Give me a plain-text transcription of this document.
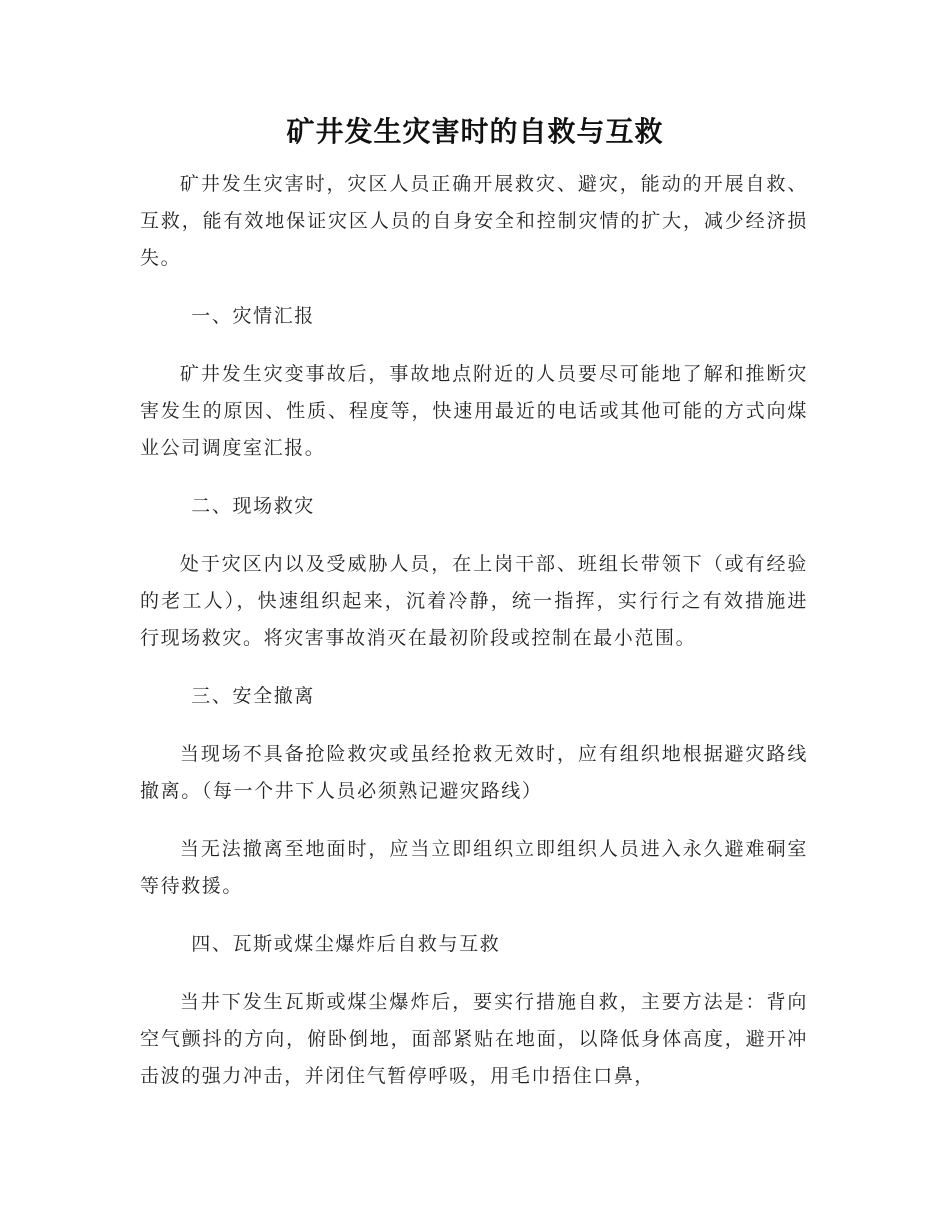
矿井发生灾害时的自救与互救

矿井发生灾害时，灾区人员正确开展救灾、避灾，能动的开展自救、互救，能有效地保证灾区人员的自身安全和控制灾情的扩大，减少经济损失。

一、灾情汇报

矿井发生灾变事故后，事故地点附近的人员要尽可能地了解和推断灾害发生的原因、性质、程度等，快速用最近的电话或其他可能的方式向煤业公司调度室汇报。

二、现场救灾

处于灾区内以及受威胁人员，在上岗干部、班组长带领下（或有经验的老工人），快速组织起来，沉着冷静，统一指挥，实行行之有效措施进行现场救灾。将灾害事故消灭在最初阶段或控制在最小范围。

三、安全撤离

当现场不具备抢险救灾或虽经抢救无效时，应有组织地根据避灾路线撤离。（每一个井下人员必须熟记避灾路线）

当无法撤离至地面时，应当立即组织立即组织人员进入永久避难硐室等待救援。

四、瓦斯或煤尘爆炸后自救与互救

当井下发生瓦斯或煤尘爆炸后，要实行措施自救，主要方法是：背向空气颤抖的方向，俯卧倒地，面部紧贴在地面，以降低身体高度，避开冲击波的强力冲击，并闭住气暂停呼吸，用毛巾捂住口鼻，
